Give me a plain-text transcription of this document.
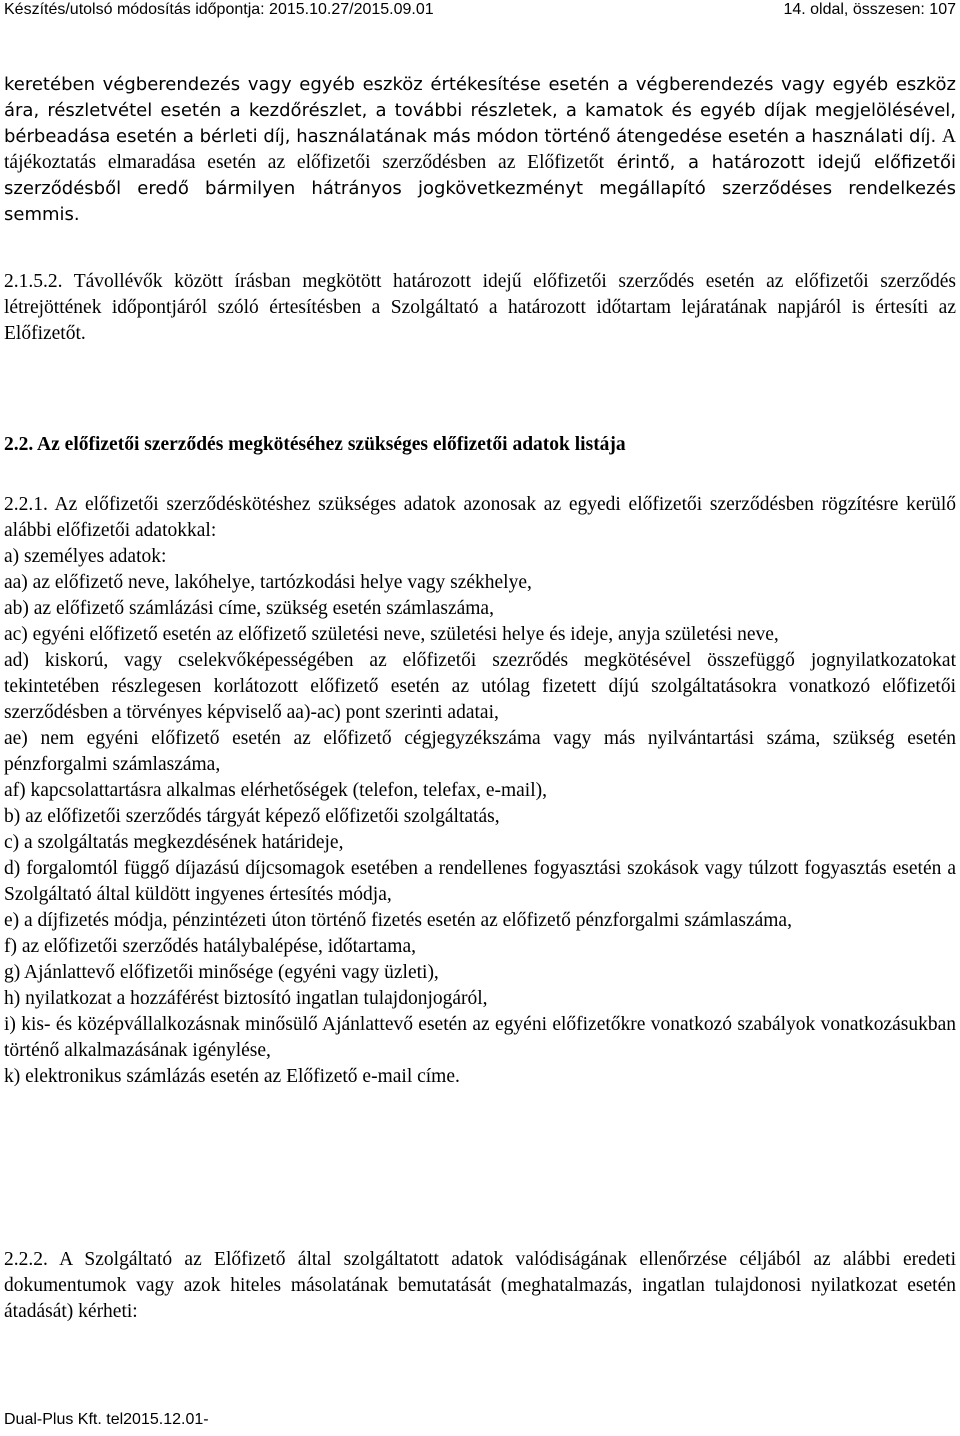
Készítés/utolsó módosítás időpontja: 2015.10.27/2015.09.01	14. oldal, összesen: 107
keretében végberendezés vagy egyéb eszköz értékesítése esetén a végberendezés vagy egyéb eszköz ára, részletvétel esetén a kezdőrészlet, a további részletek, a kamatok és egyéb díjak megjelölésével, bérbeadása esetén a bérleti díj, használatának más módon történő átengedése esetén a használati díj. A tájékoztatás elmaradása esetén az előfizetői szerződésben az Előfizetőt érintő, a határozott idejű előfizetői szerződésből eredő bármilyen hátrányos jogkövetkezményt megállapító szerződéses rendelkezés semmis.
2.1.5.2. Távollévők között írásban megkötött határozott idejű előfizetői szerződés esetén az előfizetői szerződés létrejöttének időpontjáról szóló értesítésben a Szolgáltató a határozott időtartam lejáratának napjáról is értesíti az Előfizetőt.
2.2. Az előfizetői szerződés megkötéséhez szükséges előfizetői adatok listája
2.2.1. Az előfizetői szerződéskötéshez szükséges adatok azonosak az egyedi előfizetői szerződésben rögzítésre kerülő alábbi előfizetői adatokkal:
a) személyes adatok:
aa) az előfizető neve, lakóhelye, tartózkodási helye vagy székhelye,
ab) az előfizető számlázási címe, szükség esetén számlaszáma,
ac) egyéni előfizető esetén az előfizető születési neve, születési helye és ideje, anyja születési neve,
ad) kiskorú, vagy cselekvőképességében az előfizetői szezrődés megkötésével összefüggő jognyilatkozatokat tekintetében részlegesen korlátozott előfizető esetén az utólag fizetett díjú szolgáltatásokra vonatkozó előfizetői szerződésben a törvényes képviselő aa)-ac) pont szerinti adatai,
ae) nem egyéni előfizető esetén az előfizető cégjegyzékszáma vagy más nyilvántartási száma, szükség esetén pénzforgalmi számlaszáma,
af) kapcsolattartásra alkalmas elérhetőségek (telefon, telefax, e-mail),
b) az előfizetői szerződés tárgyát képező előfizetői szolgáltatás,
c) a szolgáltatás megkezdésének határideje,
d) forgalomtól függő díjazású díjcsomagok esetében a rendellenes fogyasztási szokások vagy túlzott fogyasztás esetén a Szolgáltató által küldött ingyenes értesítés módja,
e) a díjfizetés módja, pénzintézeti úton történő fizetés esetén az előfizető pénzforgalmi számlaszáma,
f) az előfizetői szerződés hatálybalépése, időtartama,
g) Ajánlattevő előfizetői minősége (egyéni vagy üzleti),
h) nyilatkozat a hozzáférést biztosító ingatlan tulajdonjogáról,
i) kis- és középvállalkozásnak minősülő Ajánlattevő esetén az egyéni előfizetőkre vonatkozó szabályok vonatkozásukban történő alkalmazásának igénylése,
k) elektronikus számlázás esetén az Előfizető e-mail címe.
2.2.2. A Szolgáltató az Előfizető által szolgáltatott adatok valódiságának ellenőrzése céljából az alábbi eredeti dokumentumok vagy azok hiteles másolatának bemutatását (meghatalmazás, ingatlan tulajdonosi nyilatkozat esetén átadását) kérheti:
Dual-Plus Kft. tel2015.12.01-
